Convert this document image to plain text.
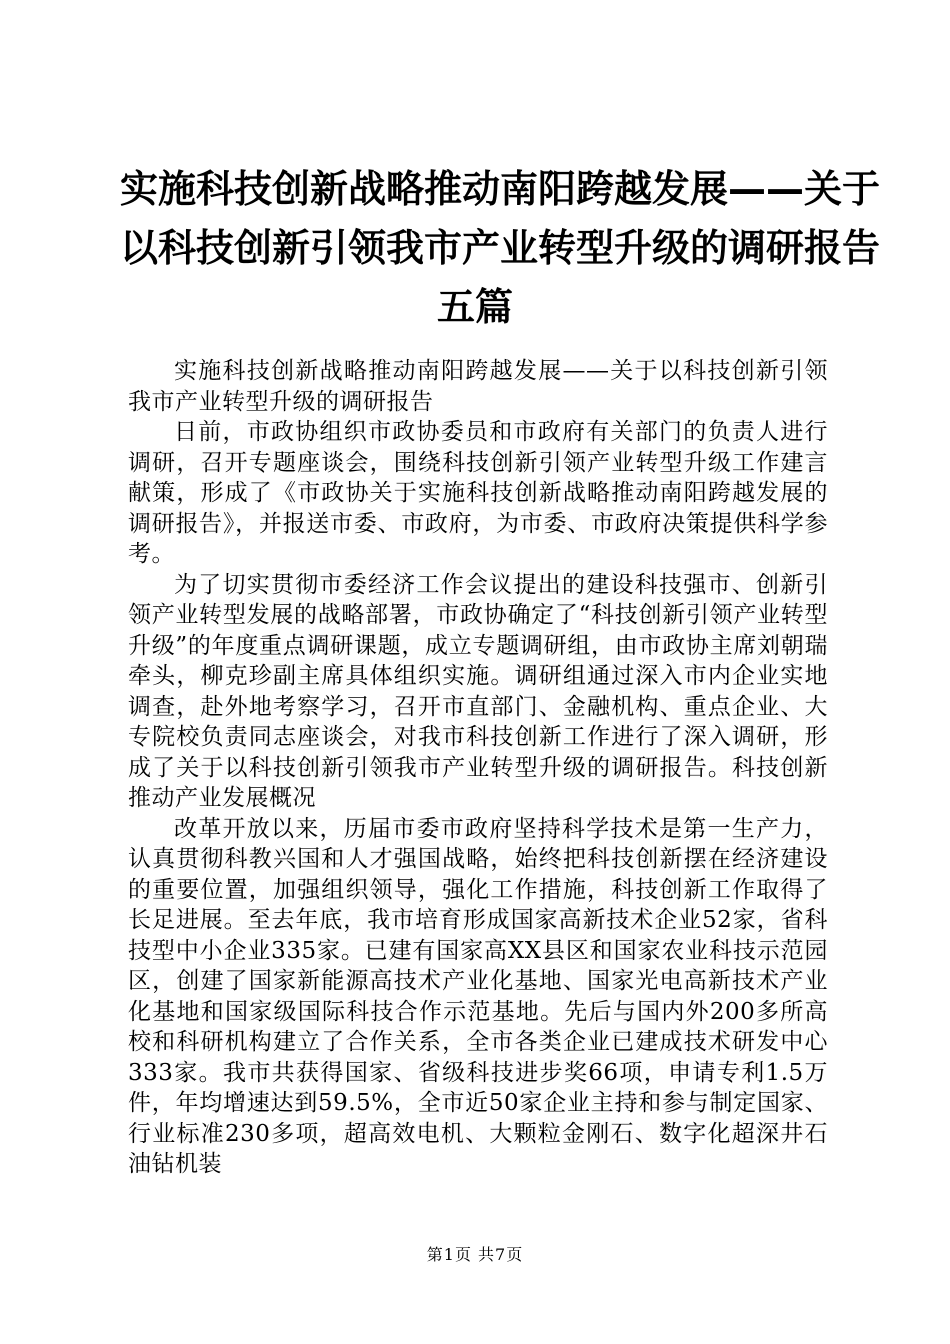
实施科技创新战略推动南阳跨越发展——关于
以科技创新引领我市产业转型升级的调研报告
五篇

实施科技创新战略推动南阳跨越发展——关于以科技创新引领我市产业转型升级的调研报告

日前，市政协组织市政协委员和市政府有关部门的负责人进行调研，召开专题座谈会，围绕科技创新引领产业转型升级工作建言献策，形成了《市政协关于实施科技创新战略推动南阳跨越发展的调研报告》，并报送市委、市政府，为市委、市政府决策提供科学参考。

为了切实贯彻市委经济工作会议提出的建设科技强市、创新引领产业转型发展的战略部署，市政协确定了“科技创新引领产业转型升级”的年度重点调研课题，成立专题调研组，由市政协主席刘朝瑞牵头，柳克珍副主席具体组织实施。调研组通过深入市内企业实地调查，赴外地考察学习，召开市直部门、金融机构、重点企业、大专院校负责同志座谈会，对我市科技创新工作进行了深入调研，形成了关于以科技创新引领我市产业转型升级的调研报告。科技创新推动产业发展概况

改革开放以来，历届市委市政府坚持科学技术是第一生产力，认真贯彻科教兴国和人才强国战略，始终把科技创新摆在经济建设的重要位置，加强组织领导，强化工作措施，科技创新工作取得了长足进展。至去年底，我市培育形成国家高新技术企业52家，省科技型中小企业335家。已建有国家高XX县区和国家农业科技示范园区，创建了国家新能源高技术产业化基地、国家光电高新技术产业化基地和国家级国际科技合作示范基地。先后与国内外200多所高校和科研机构建立了合作关系，全市各类企业已建成技术研发中心333家。我市共获得国家、省级科技进步奖66项，申请专利1.5万件，年均增速达到59.5%，全市近50家企业主持和参与制定国家、行业标准230多项，超高效电机、大颗粒金刚石、数字化超深井石油钻机装

第1页 共7页
